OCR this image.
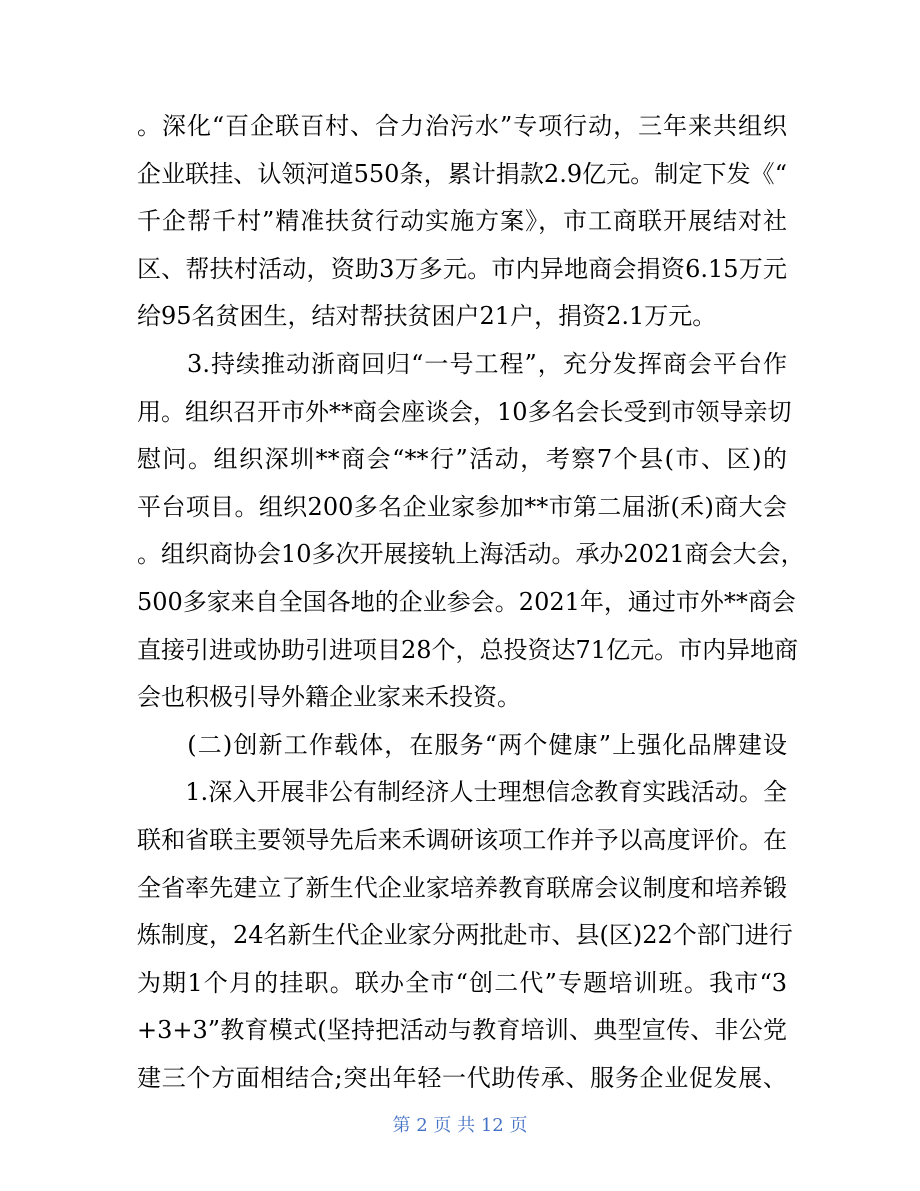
。深化“百企联百村、合力治污水”专项行动，三年来共组织
企业联挂、认领河道550条，累计捐款2.9亿元。制定下发《“
千企帮千村”精准扶贫行动实施方案》，市工商联开展结对社
区、帮扶村活动，资助3万多元。市内异地商会捐资6.15万元
给95名贫困生，结对帮扶贫困户21户，捐资2.1万元。
　　3.持续推动浙商回归“一号工程”，充分发挥商会平台作
用。组织召开市外**商会座谈会，10多名会长受到市领导亲切
慰问。组织深圳**商会“**行”活动，考察7个县(市、区)的
平台项目。组织200多名企业家参加**市第二届浙(禾)商大会
。组织商协会10多次开展接轨上海活动。承办2021商会大会，
500多家来自全国各地的企业参会。2021年，通过市外**商会
直接引进或协助引进项目28个，总投资达71亿元。市内异地商
会也积极引导外籍企业家来禾投资。
　　(二)创新工作载体，在服务“两个健康”上强化品牌建设
　　1.深入开展非公有制经济人士理想信念教育实践活动。全
联和省联主要领导先后来禾调研该项工作并予以高度评价。在
全省率先建立了新生代企业家培养教育联席会议制度和培养锻
炼制度，24名新生代企业家分两批赴市、县(区)22个部门进行
为期1个月的挂职。联办全市“创二代”专题培训班。我市“3
+3+3”教育模式(坚持把活动与教育培训、典型宣传、非公党
建三个方面相结合;突出年轻一代助传承、服务企业促发展、
第 2 页 共 12 页
